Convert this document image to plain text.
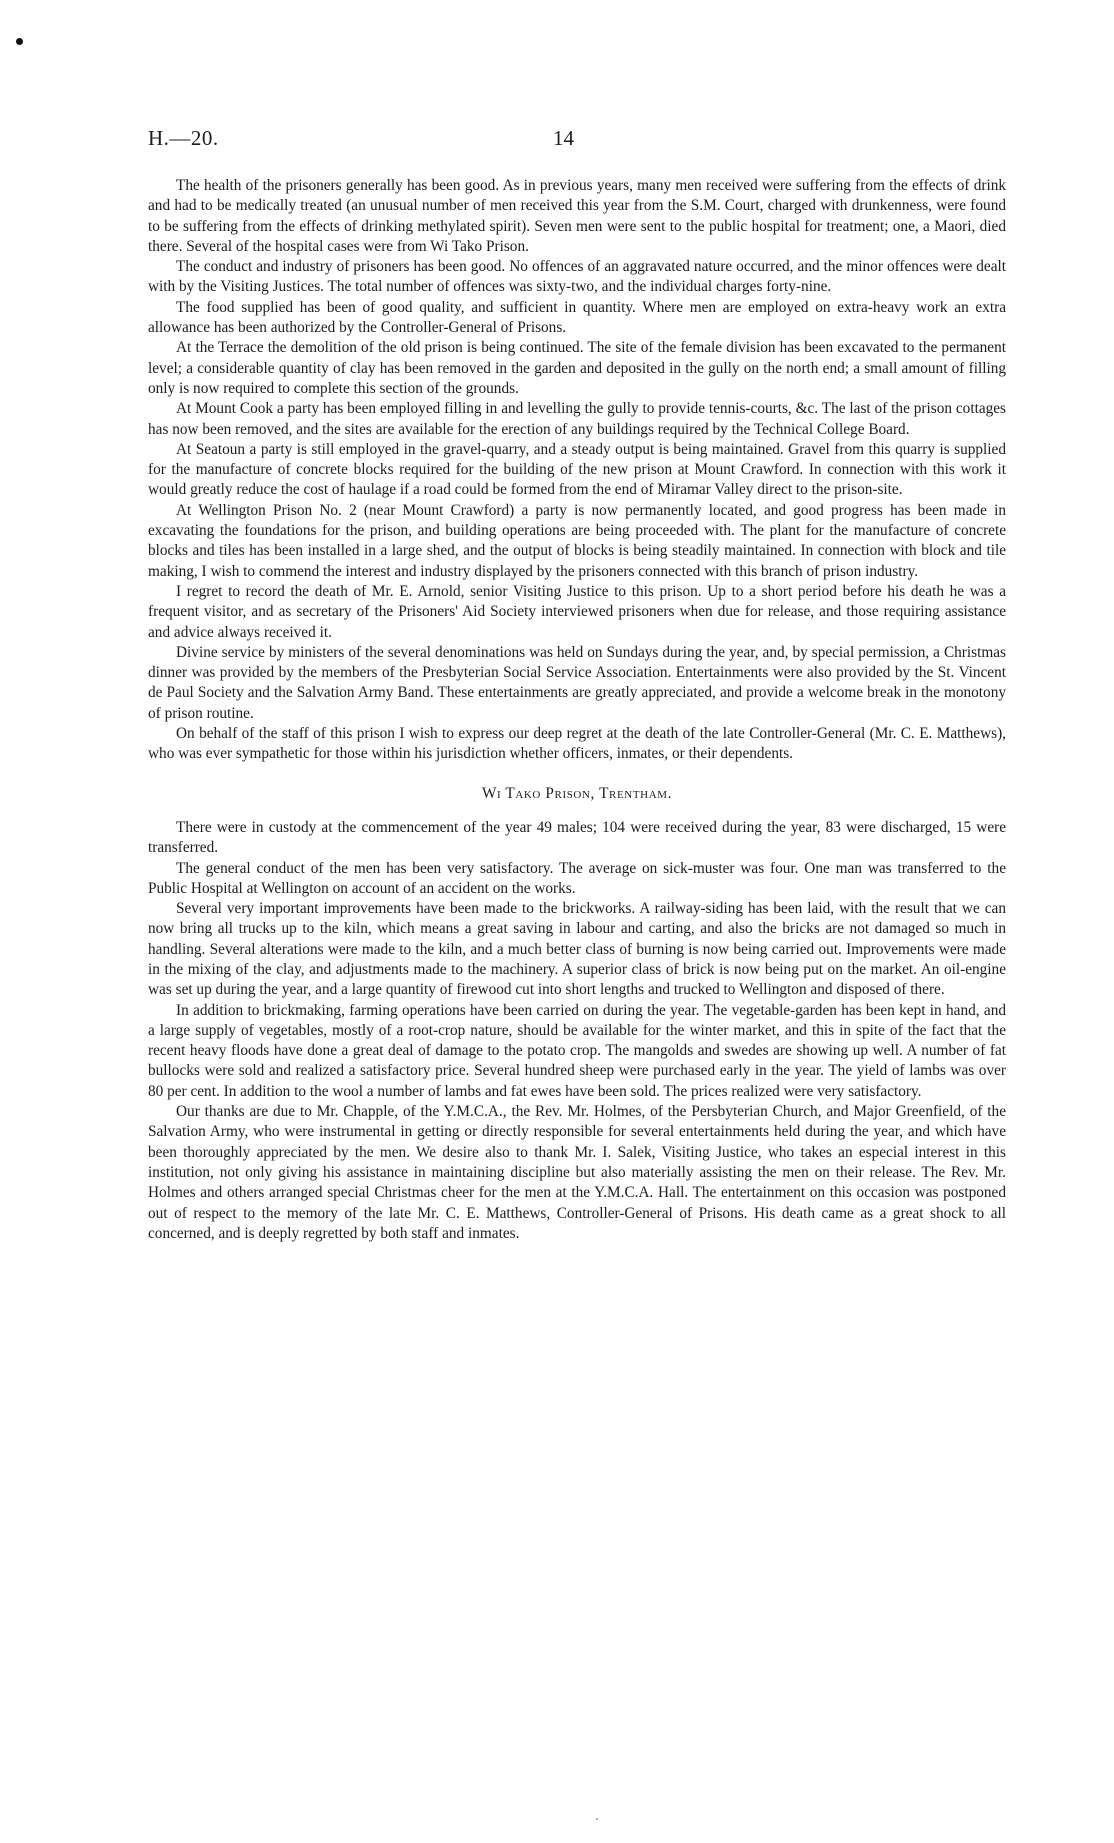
H.—20.	14

The health of the prisoners generally has been good. As in previous years, many men received were suffering from the effects of drink and had to be medically treated (an unusual number of men received this year from the S.M. Court, charged with drunkenness, were found to be suffering from the effects of drinking methylated spirit). Seven men were sent to the public hospital for treatment; one, a Maori, died there. Several of the hospital cases were from Wi Tako Prison.

The conduct and industry of prisoners has been good. No offences of an aggravated nature occurred, and the minor offences were dealt with by the Visiting Justices. The total number of offences was sixty-two, and the individual charges forty-nine.

The food supplied has been of good quality, and sufficient in quantity. Where men are employed on extra-heavy work an extra allowance has been authorized by the Controller-General of Prisons.

At the Terrace the demolition of the old prison is being continued. The site of the female division has been excavated to the permanent level; a considerable quantity of clay has been removed in the garden and deposited in the gully on the north end; a small amount of filling only is now required to complete this section of the grounds.

At Mount Cook a party has been employed filling in and levelling the gully to provide tennis-courts, &c. The last of the prison cottages has now been removed, and the sites are available for the erection of any buildings required by the Technical College Board.

At Seatoun a party is still employed in the gravel-quarry, and a steady output is being maintained. Gravel from this quarry is supplied for the manufacture of concrete blocks required for the building of the new prison at Mount Crawford. In connection with this work it would greatly reduce the cost of haulage if a road could be formed from the end of Miramar Valley direct to the prison-site.

At Wellington Prison No. 2 (near Mount Crawford) a party is now permanently located, and good progress has been made in excavating the foundations for the prison, and building operations are being proceeded with. The plant for the manufacture of concrete blocks and tiles has been installed in a large shed, and the output of blocks is being steadily maintained. In connection with block and tile making, I wish to commend the interest and industry displayed by the prisoners connected with this branch of prison industry.

I regret to record the death of Mr. E. Arnold, senior Visiting Justice to this prison. Up to a short period before his death he was a frequent visitor, and as secretary of the Prisoners' Aid Society interviewed prisoners when due for release, and those requiring assistance and advice always received it.

Divine service by ministers of the several denominations was held on Sundays during the year, and, by special permission, a Christmas dinner was provided by the members of the Presbyterian Social Service Association. Entertainments were also provided by the St. Vincent de Paul Society and the Salvation Army Band. These entertainments are greatly appreciated, and provide a welcome break in the monotony of prison routine.

On behalf of the staff of this prison I wish to express our deep regret at the death of the late Controller-General (Mr. C. E. Matthews), who was ever sympathetic for those within his jurisdiction whether officers, inmates, or their dependents.

Wi Tako Prison, Trentham.

There were in custody at the commencement of the year 49 males; 104 were received during the year, 83 were discharged, 15 were transferred.

The general conduct of the men has been very satisfactory. The average on sick-muster was four. One man was transferred to the Public Hospital at Wellington on account of an accident on the works.

Several very important improvements have been made to the brickworks. A railway-siding has been laid, with the result that we can now bring all trucks up to the kiln, which means a great saving in labour and carting, and also the bricks are not damaged so much in handling. Several alterations were made to the kiln, and a much better class of burning is now being carried out. Improvements were made in the mixing of the clay, and adjustments made to the machinery. A superior class of brick is now being put on the market. An oil-engine was set up during the year, and a large quantity of firewood cut into short lengths and trucked to Wellington and disposed of there.

In addition to brickmaking, farming operations have been carried on during the year. The vegetable-garden has been kept in hand, and a large supply of vegetables, mostly of a root-crop nature, should be available for the winter market, and this in spite of the fact that the recent heavy floods have done a great deal of damage to the potato crop. The mangolds and swedes are showing up well. A number of fat bullocks were sold and realized a satisfactory price. Several hundred sheep were purchased early in the year. The yield of lambs was over 80 per cent. In addition to the wool a number of lambs and fat ewes have been sold. The prices realized were very satisfactory.

Our thanks are due to Mr. Chapple, of the Y.M.C.A., the Rev. Mr. Holmes, of the Persbyterian Church, and Major Greenfield, of the Salvation Army, who were instrumental in getting or directly responsible for several entertainments held during the year, and which have been thoroughly appreciated by the men. We desire also to thank Mr. I. Salek, Visiting Justice, who takes an especial interest in this institution, not only giving his assistance in maintaining discipline but also materially assisting the men on their release. The Rev. Mr. Holmes and others arranged special Christmas cheer for the men at the Y.M.C.A. Hall. The entertainment on this occasion was postponed out of respect to the memory of the late Mr. C. E. Matthews, Controller-General of Prisons. His death came as a great shock to all concerned, and is deeply regretted by both staff and inmates.
